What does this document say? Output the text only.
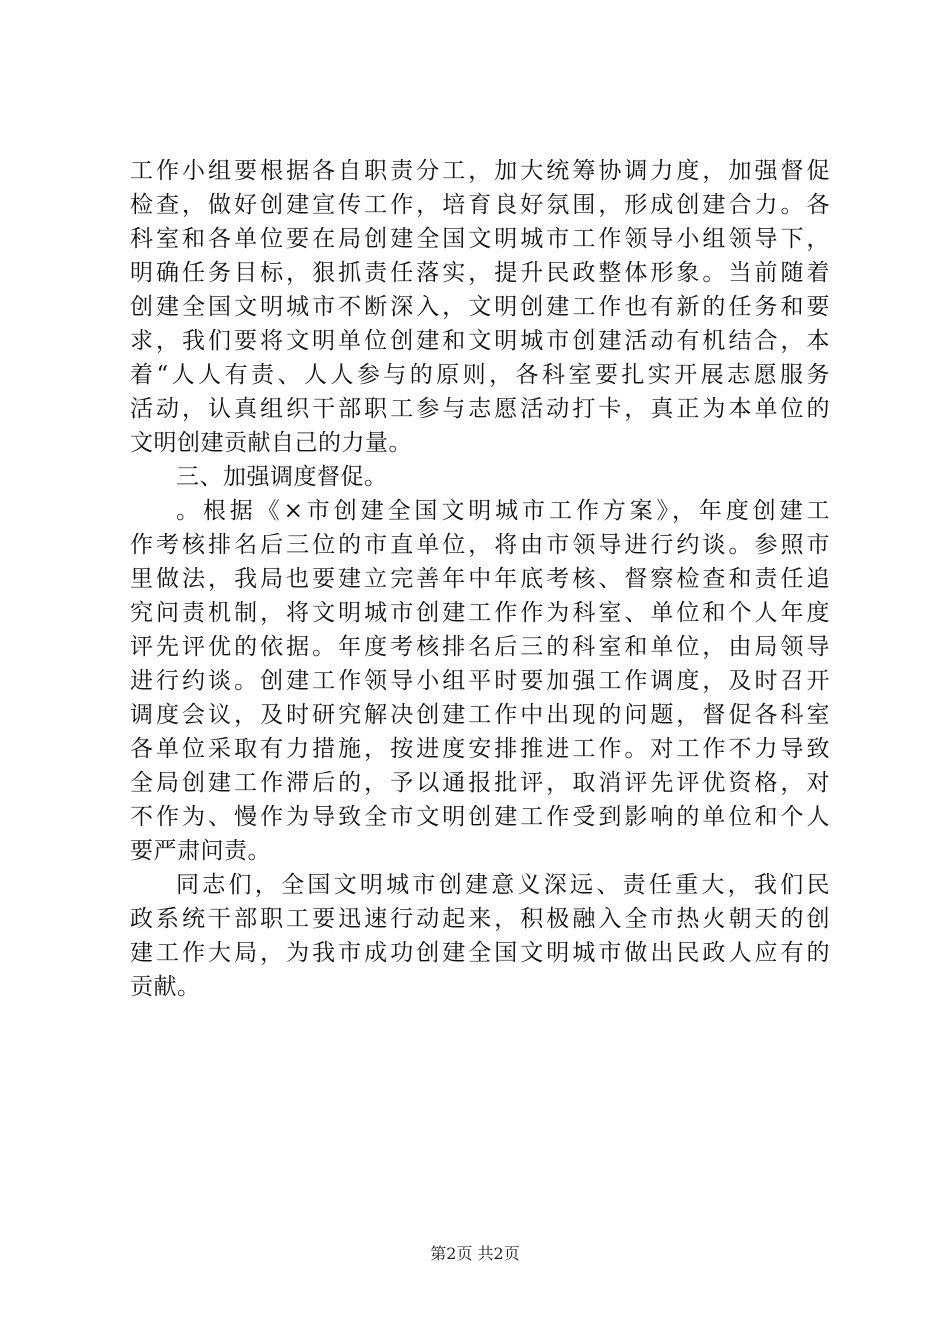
工作小组要根据各自职责分工，加大统筹协调力度，加强督促
检查，做好创建宣传工作，培育良好氛围，形成创建合力。各
科室和各单位要在局创建全国文明城市工作领导小组领导下，
明确任务目标，狠抓责任落实，提升民政整体形象。当前随着
创建全国文明城市不断深入，文明创建工作也有新的任务和要
求，我们要将文明单位创建和文明城市创建活动有机结合，本
着“人人有责、人人参与的原则，各科室要扎实开展志愿服务
活动，认真组织干部职工参与志愿活动打卡，真正为本单位的
文明创建贡献自己的力量。
三、加强调度督促。
。根据《×市创建全国文明城市工作方案》，年度创建工
作考核排名后三位的市直单位，将由市领导进行约谈。参照市
里做法，我局也要建立完善年中年底考核、督察检查和责任追
究问责机制，将文明城市创建工作作为科室、单位和个人年度
评先评优的依据。年度考核排名后三的科室和单位，由局领导
进行约谈。创建工作领导小组平时要加强工作调度，及时召开
调度会议，及时研究解决创建工作中出现的问题，督促各科室
各单位采取有力措施，按进度安排推进工作。对工作不力导致
全局创建工作滞后的，予以通报批评，取消评先评优资格，对
不作为、慢作为导致全市文明创建工作受到影响的单位和个人
要严肃问责。
同志们，全国文明城市创建意义深远、责任重大，我们民
政系统干部职工要迅速行动起来，积极融入全市热火朝天的创
建工作大局，为我市成功创建全国文明城市做出民政人应有的
贡献。
第2页 共2页
